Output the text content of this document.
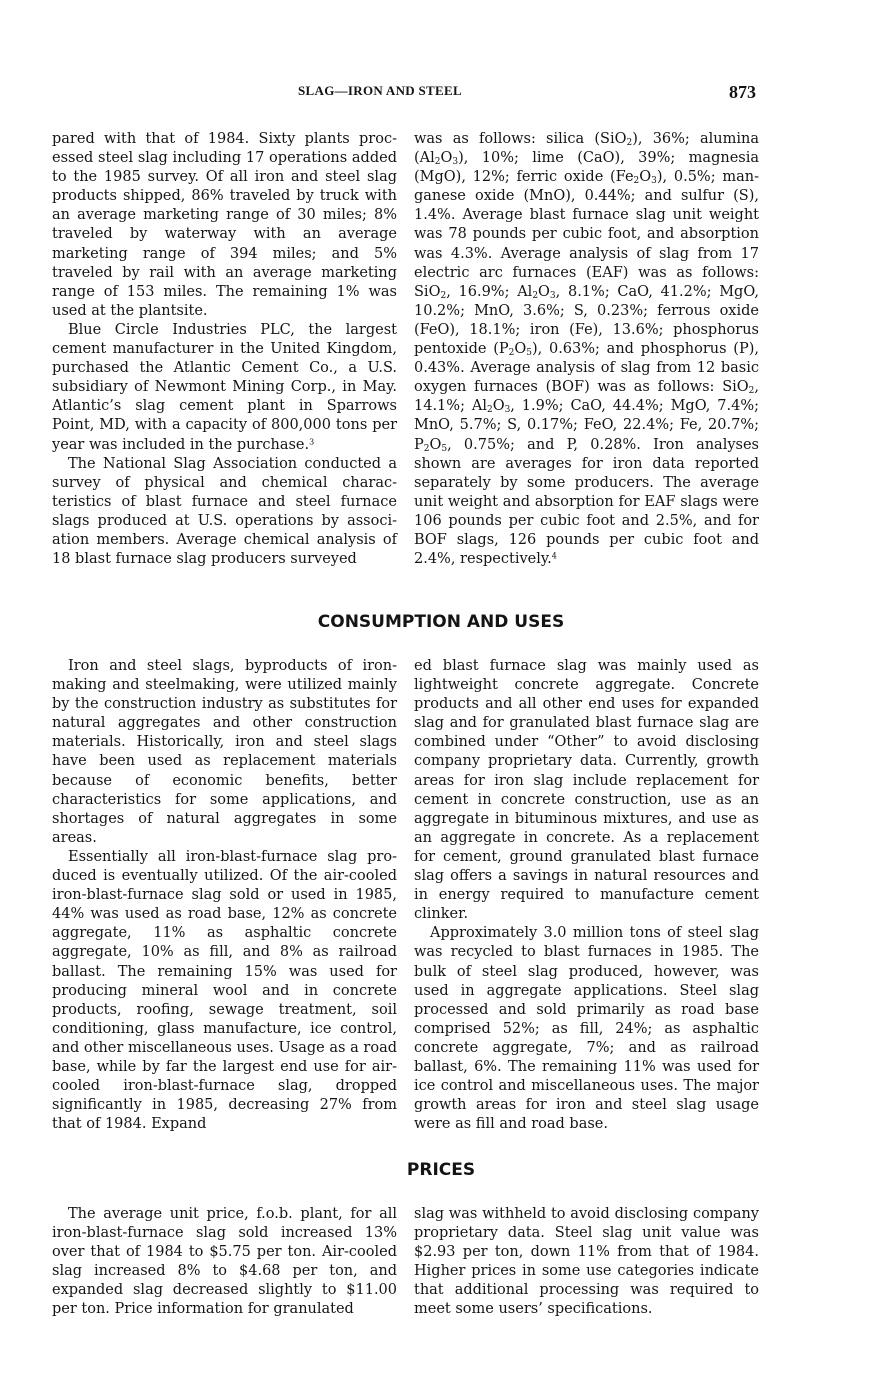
SLAG—IRON AND STEEL	873

pared with that of 1984. Sixty plants processed steel slag including 17 operations added to the 1985 survey. Of all iron and steel slag products shipped, 86% traveled by truck with an average marketing range of 30 miles; 8% traveled by waterway with an average marketing range of 394 miles; and 5% traveled by rail with an average marketing range of 153 miles. The remaining 1% was used at the plantsite.

Blue Circle Industries PLC, the largest cement manufacturer in the United Kingdom, purchased the Atlantic Cement Co., a U.S. subsidiary of Newmont Mining Corp., in May. Atlantic’s slag cement plant in Sparrows Point, MD, with a capacity of 800,000 tons per year was included in the purchase.$^3$

The National Slag Association conducted a survey of physical and chemical characteristics of blast furnace and steel furnace slags produced at U.S. operations by association members. Average chemical analysis of 18 blast furnace slag producers surveyed

was as follows: silica (SiO$_2$), 36%; alumina $(Al_2O_3)$, 10%; lime (CaO), 39%; magnesia (MgO), 12%; ferric oxide $(Fe_2O_3)$, 0.5%; manganese oxide (MnO), 0.44%; and sulfur (S), 1.4%. Average blast furnace slag unit weight was 78 pounds per cubic foot, and absorption was 4.3%. Average analysis of slag from 17 electric arc furnaces (EAF) was as follows: SiO$_2$, 16.9%; $Al_2O_3$, 8.1%; CaO, 41.2%; MgO, 10.2%; MnO, 3.6%; S, 0.23%; ferrous oxide (FeO), 18.1%; iron (Fe), 13.6%; phosphorus pentoxide $(P_2O_5)$, 0.63%; and phosphorus (P), 0.43%. Average analysis of slag from 12 basic oxygen furnaces (BOF) was as follows: SiO$_2$, 14.1%; $Al_2O_3$, 1.9%; CaO, 44.4%; MgO, 7.4%; MnO, 5.7%; S, 0.17%; FeO, 22.4%; Fe, 20.7%; $P_2O_5$, 0.75%; and P, 0.28%. Iron analyses shown are averages for iron data reported separately by some producers. The average unit weight and absorption for EAF slags were 106 pounds per cubic foot and 2.5%, and for BOF slags, 126 pounds per cubic foot and 2.4%, respectively.$^4$

CONSUMPTION AND USES

Iron and steel slags, byproducts of ironmaking and steelmaking, were utilized mainly by the construction industry as substitutes for natural aggregates and other construction materials. Historically, iron and steel slags have been used as replacement materials because of economic benefits, better characteristics for some applications, and shortages of natural aggregates in some areas.

Essentially all iron-blast-furnace slag produced is eventually utilized. Of the air-cooled iron-blast-furnace slag sold or used in 1985, 44% was used as road base, 12% as concrete aggregate, 11% as asphaltic concrete aggregate, 10% as fill, and 8% as railroad ballast. The remaining 15% was used for producing mineral wool and in concrete products, roofing, sewage treatment, soil conditioning, glass manufacture, ice control, and other miscellaneous uses. Usage as a road base, while by far the largest end use for air-cooled iron-blast-furnace slag, dropped significantly in 1985, decreasing 27% from that of 1984. Expand

ed blast furnace slag was mainly used as lightweight concrete aggregate. Concrete products and all other end uses for expanded slag and for granulated blast furnace slag are combined under “Other” to avoid disclosing company proprietary data. Currently, growth areas for iron slag include replacement for cement in concrete construction, use as an aggregate in bituminous mixtures, and use as an aggregate in concrete. As a replacement for cement, ground granulated blast furnace slag offers a savings in natural resources and in energy required to manufacture cement clinker.

Approximately 3.0 million tons of steel slag was recycled to blast furnaces in 1985. The bulk of steel slag produced, however, was used in aggregate applications. Steel slag processed and sold primarily as road base comprised 52%; as fill, 24%; as asphaltic concrete aggregate, 7%; and as railroad ballast, 6%. The remaining 11% was used for ice control and miscellaneous uses. The major growth areas for iron and steel slag usage were as fill and road base.

PRICES

The average unit price, f.o.b. plant, for all iron-blast-furnace slag sold increased 13% over that of 1984 to $5.75 per ton. Air-cooled slag increased 8% to $4.68 per ton, and expanded slag decreased slightly to $11.00 per ton. Price information for granulated

slag was withheld to avoid disclosing company proprietary data. Steel slag unit value was $2.93 per ton, down 11% from that of 1984. Higher prices in some use categories indicate that additional processing was required to meet some users’ specifications.
